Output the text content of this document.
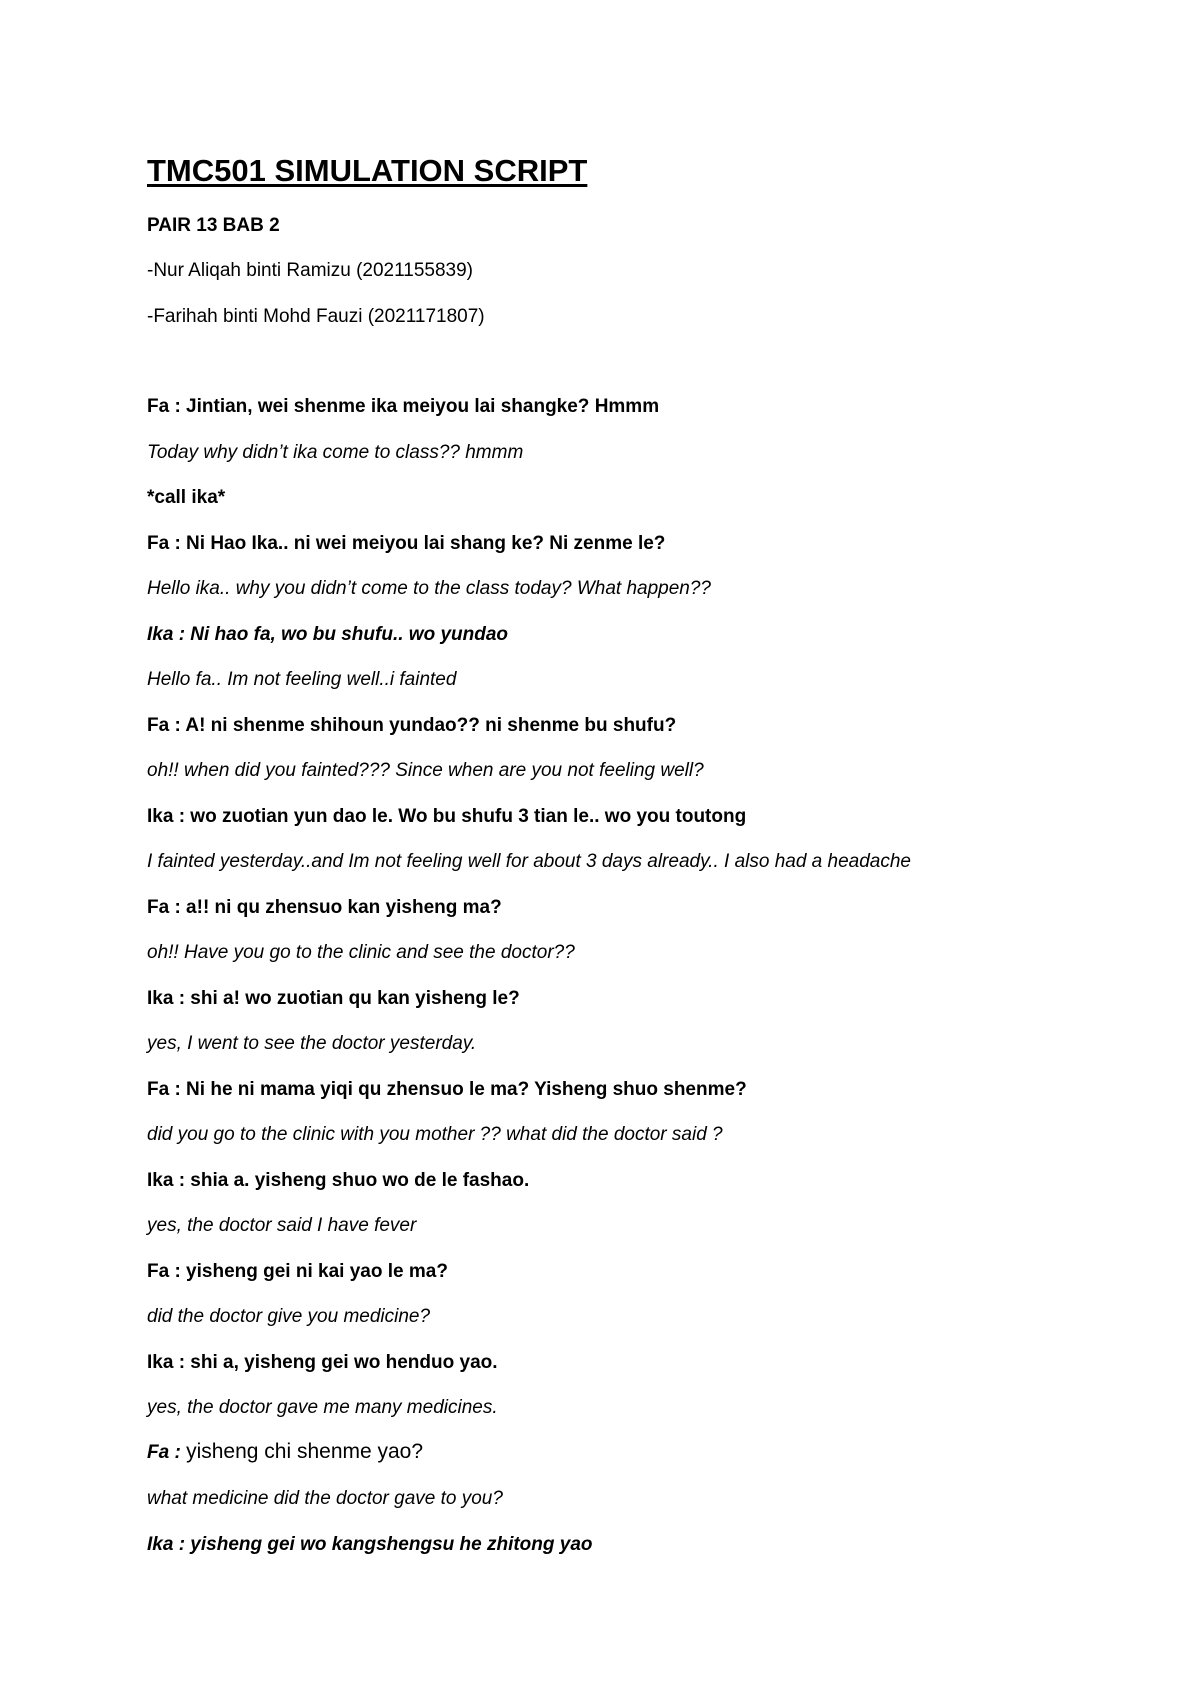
TMC501 SIMULATION SCRIPT
PAIR 13 BAB 2
-Nur Aliqah binti Ramizu (2021155839)
-Farihah binti Mohd Fauzi (2021171807)
Fa : Jintian, wei shenme ika meiyou lai shangke? Hmmm
Today why didn’t ika come to class?? hmmm
*call ika*
Fa : Ni Hao Ika.. ni wei meiyou lai shang ke? Ni zenme le?
Hello ika.. why you didn’t come to the class today? What happen??
Ika : Ni hao fa, wo bu shufu.. wo yundao
Hello fa.. Im not feeling well..i fainted
Fa : A! ni shenme shihoun yundao?? ni shenme bu shufu?
oh!! when did you fainted??? Since when are you not feeling well?
Ika : wo zuotian yun dao le. Wo bu shufu 3 tian le.. wo you toutong
I fainted yesterday..and Im not feeling well for about 3 days already.. I also had a headache
Fa : a!! ni qu zhensuo kan yisheng ma?
oh!! Have you go to the clinic and see the doctor??
Ika : shi a! wo zuotian qu kan yisheng le?
yes, I went to see the doctor yesterday.
Fa : Ni he ni mama yiqi qu zhensuo le ma? Yisheng shuo shenme?
did you go to the clinic with you mother ?? what did the doctor said ?
Ika : shia a. yisheng shuo wo de le fashao.
yes, the doctor said I have fever
Fa : yisheng gei ni kai yao le ma?
did the doctor give you medicine?
Ika : shi a, yisheng gei wo henduo yao.
yes, the doctor gave me many medicines.
Fa : yisheng chi shenme yao?
what medicine did the doctor gave to you?
Ika : yisheng gei wo kangshengsu he zhitong yao
